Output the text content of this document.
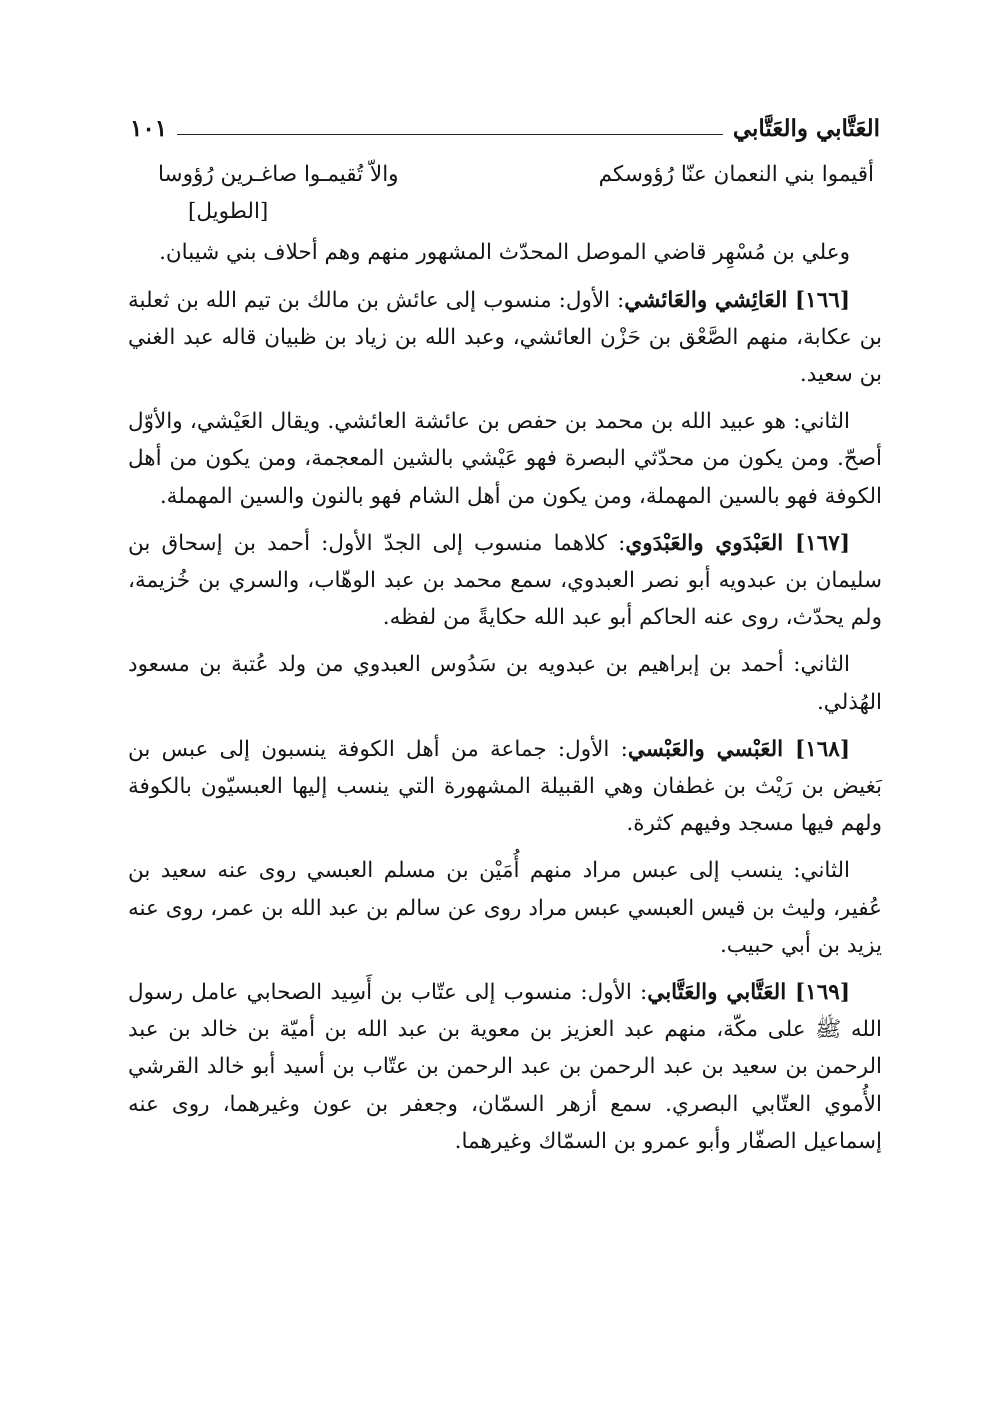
العَتَّابي والعَتَّابي
١٠١
أقيموا بني النعمان عنّا رُؤوسكم
والاّ تُقيمـوا صاغـرين رُؤوسا
[الطويل]

وعلي بن مُسْهِر قاضي الموصل المحدّث المشهور منهم وهم أحلاف بني شيبان.

[١٦٦] العَائِشي والعَائشي: الأول: منسوب إلى عائش بن مالك بن تيم الله بن ثعلبة بن عكابة، منهم الصَّعْق بن حَزْن العائشي، وعبد الله بن زياد بن ظبيان قاله عبد الغني بن سعيد.

الثاني: هو عبيد الله بن محمد بن حفص بن عائشة العائشي. ويقال العَيْشي، والأوّل أصحّ. ومن يكون من محدّثي البصرة فهو عَيْشي بالشين المعجمة، ومن يكون من أهل الكوفة فهو بالسين المهملة، ومن يكون من أهل الشام فهو بالنون والسين المهملة.

[١٦٧] العَبْدَوي والعَبْدَوي: كلاهما منسوب إلى الجدّ الأول: أحمد بن إسحاق بن سليمان بن عبدويه أبو نصر العبدوي، سمع محمد بن عبد الوهّاب، والسري بن خُزيمة، ولم يحدّث، روى عنه الحاكم أبو عبد الله حكايةً من لفظه.

الثاني: أحمد بن إبراهيم بن عبدويه بن سَدُوس العبدوي من ولد عُتبة بن مسعود الهُذلي.

[١٦٨] العَبْسي والعَبْسي: الأول: جماعة من أهل الكوفة ينسبون إلى عبس بن بَغيض بن رَيْث بن غطفان وهي القبيلة المشهورة التي ينسب إليها العبسيّون بالكوفة ولهم فيها مسجد وفيهم كثرة.

الثاني: ينسب إلى عبس مراد منهم أُمَيْن بن مسلم العبسي روى عنه سعيد بن عُفير، وليث بن قيس العبسي عبس مراد روى عن سالم بن عبد الله بن عمر، روى عنه يزيد بن أبي حبيب.

[١٦٩] العَتَّابي والعَتَّابي: الأول: منسوب إلى عتّاب بن أَسِيد الصحابي عامل رسول الله ﷺ على مكّة، منهم عبد العزيز بن معوية بن عبد الله بن أميّة بن خالد بن عبد الرحمن بن سعيد بن عبد الرحمن بن عبد الرحمن بن عتّاب بن أسيد أبو خالد القرشي الأُموي العتّابي البصري. سمع أزهر السمّان، وجعفر بن عون وغيرهما، روى عنه إسماعيل الصفّار وأبو عمرو بن السمّاك وغيرهما.
